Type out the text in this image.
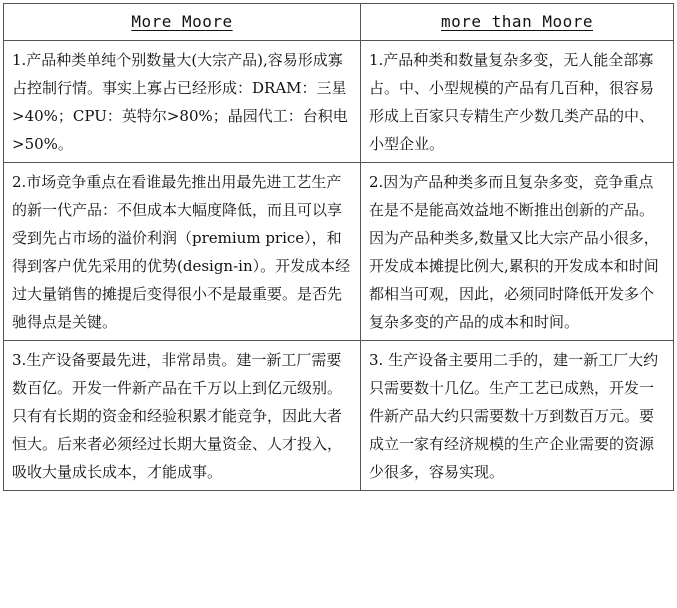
More Moore	more than Moore
1.产品种类单纯个别数量大(大宗产品),容易形成寡占控制行情。事实上寡占已经形成：DRAM：三星>40%；CPU：英特尔>80%；晶园代工：台积电>50%。	1.产品种类和数量复杂多变，无人能全部寡占。中、小型规模的产品有几百种，很容易形成上百家只专精生产少数几类产品的中、小型企业。
2.市场竞争重点在看谁最先推出用最先进工艺生产的新一代产品：不但成本大幅度降低，而且可以享受到先占市场的溢价利润（premium price），和得到客户优先采用的优势(design-in）。开发成本经过大量销售的摊提后变得很小不是最重要。是否先驰得点是关键。	2.因为产品种类多而且复杂多变，竞争重点在是不是能高效益地不断推出创新的产品。因为产品种类多,数量又比大宗产品小很多，开发成本摊提比例大,累积的开发成本和时间都相当可观，因此，必须同时降低开发多个复杂多变的产品的成本和时间。
3.生产设备要最先进，非常昂贵。建一新工厂需要数百亿。开发一件新产品在千万以上到亿元级别。只有有长期的资金和经验积累才能竞争，因此大者恒大。后来者必须经过长期大量资金、人才投入，吸收大量成长成本，才能成事。	3. 生产设备主要用二手的，建一新工厂大约只需要数十几亿。生产工艺已成熟，开发一件新产品大约只需要数十万到数百万元。要成立一家有经济规模的生产企业需要的资源少很多，容易实现。
